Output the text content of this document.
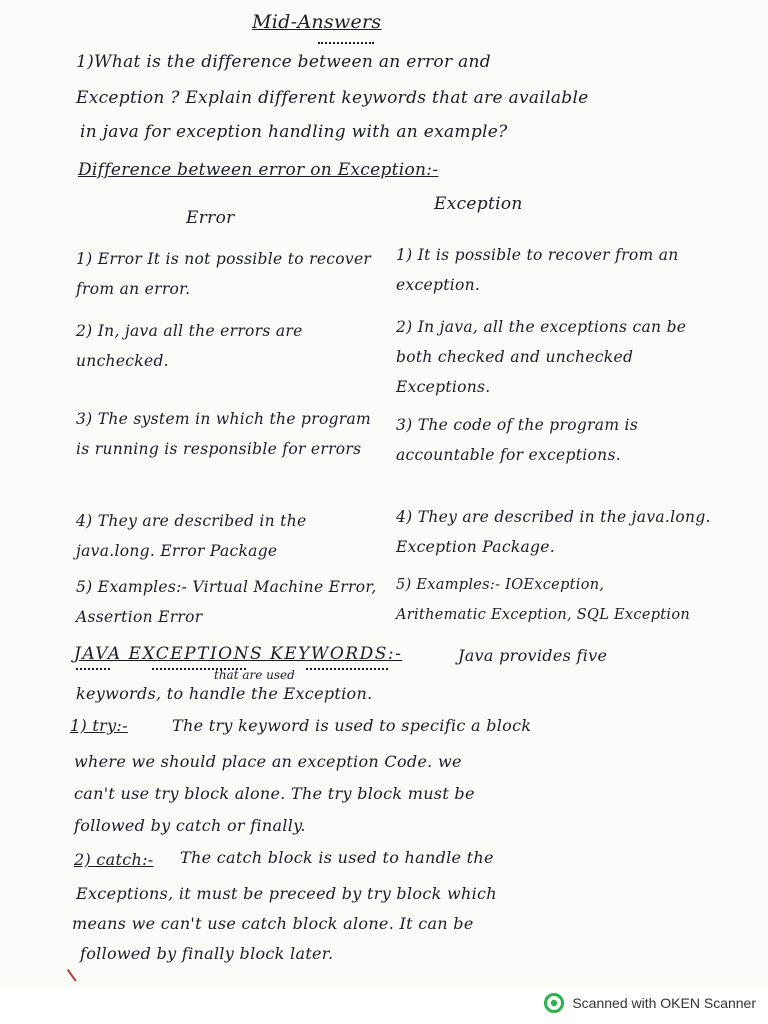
Mid-Answers
1)What is the difference between an error and
Exception ? Explain different keywords that are available
in java for exception handling with an example?
Difference between error on Exception:-
Error
Exception
1) Error It is not possible to recover from an error.
2) In, java all the errors are unchecked.
3) The system in which the program is running is responsible for errors
4) They are described in the java.long. Error Package
5) Examples:- Virtual Machine Error, Assertion Error
1) It is possible to recover from an exception.
2) In java, all the exceptions can be both checked and unchecked Exceptions.
3) The code of the program is accountable for exceptions.
4) They are described in the java.long. Exception Package.
5) Examples:- IOException, Arithematic Exception, SQL Exception
JAVA EXCEPTIONS KEYWORDS:-	Java provides five
that are used
keywords, to handle the Exception.
1) try:-	The try keyword is used to specific a block
where we should place an exception Code. we
can't use try block alone. The try block must be
followed by catch or finally.
2) catch:- The catch block is used to handle the
Exceptions, it must be preceed by try block which
means we can't use catch block alone. It can be
followed by finally block later.
Scanned with OKEN Scanner
